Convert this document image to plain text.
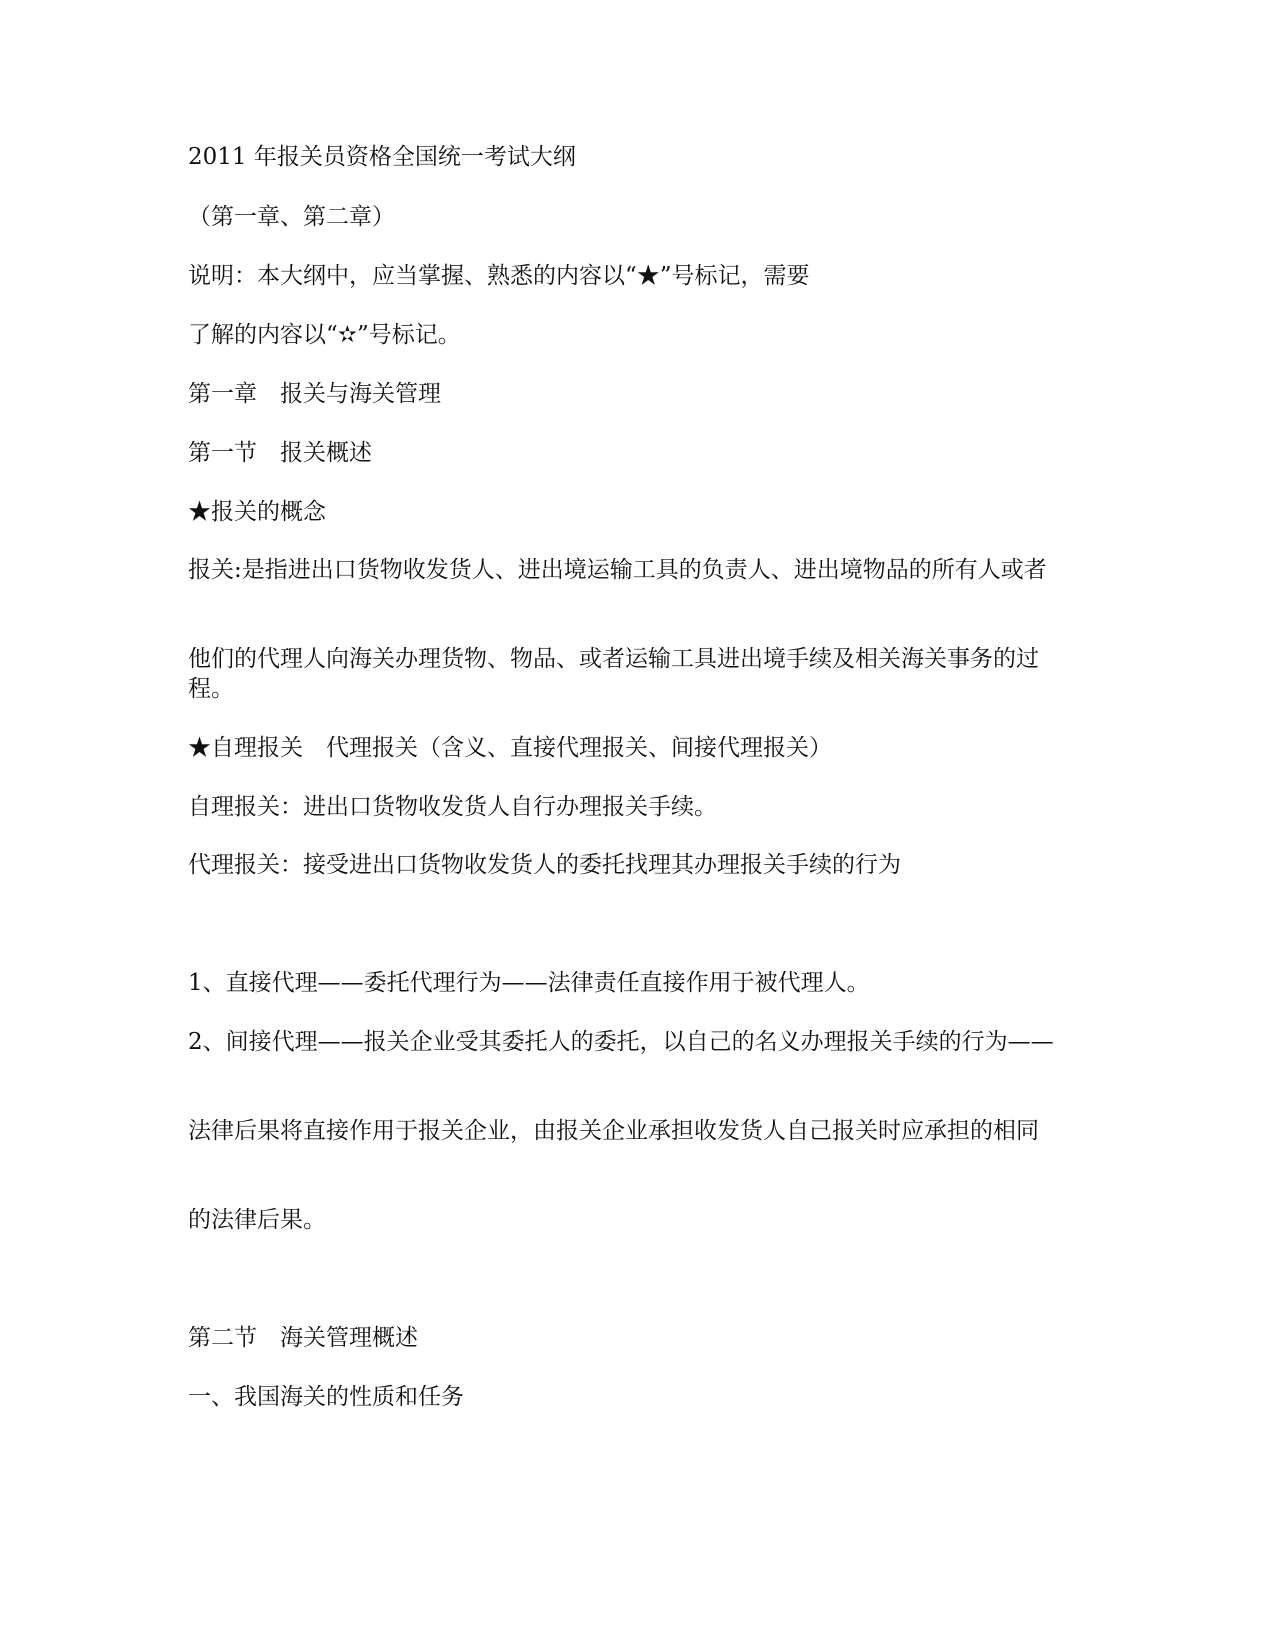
2011 年报关员资格全国统一考试大纲
（第一章、第二章）
说明：本大纲中，应当掌握、熟悉的内容以“★”号标记，需要
了解的内容以“✫”号标记。
第一章　报关与海关管理
第一节　报关概述
★报关的概念
报关:是指进出口货物收发货人、进出境运输工具的负责人、进出境物品的所有人或者
他们的代理人向海关办理货物、物品、或者运输工具进出境手续及相关海关事务的过程。
★自理报关　代理报关（含义、直接代理报关、间接代理报关）
自理报关：进出口货物收发货人自行办理报关手续。
代理报关：接受进出口货物收发货人的委托找理其办理报关手续的行为
1、直接代理——委托代理行为——法律责任直接作用于被代理人。
2、间接代理——报关企业受其委托人的委托，以自己的名义办理报关手续的行为——
法律后果将直接作用于报关企业，由报关企业承担收发货人自己报关时应承担的相同
的法律后果。
第二节　海关管理概述
一、我国海关的性质和任务
